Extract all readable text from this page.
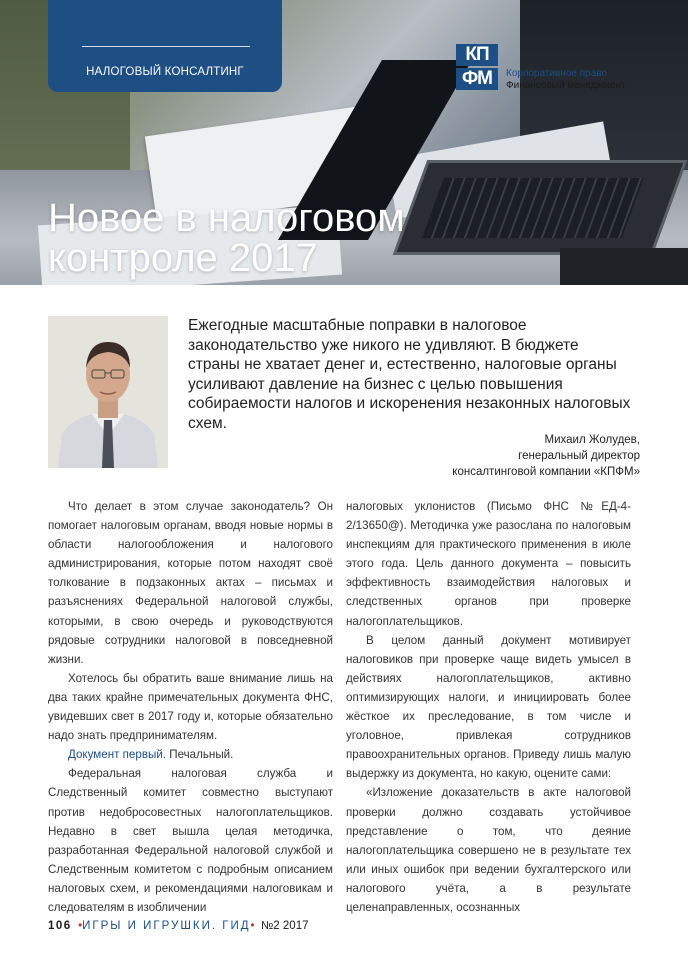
НАЛОГОВЫЙ КОНСАЛТИНГ
КП
ФМ	Корпоративное право
Финансовый менеджмент
Новое в налоговом
контроле 2017
Ежегодные масштабные поправки в налоговое законодательство уже никого не удивляют. В бюджете страны не хватает денег и, естественно, налоговые органы усиливают давление на бизнес с целью повышения собираемости налогов и искоренения незаконных налоговых схем.
Михаил Жолудев,
генеральный директор
консалтинговой компании «КПФМ»

Что делает в этом случае законодатель? Он помогает налоговым органам, вводя новые нормы в области налогообложения и налогового администрирования, которые потом находят своё толкование в подзаконных актах – письмах и разъяснениях Федеральной налоговой службы, которыми, в свою очередь и руководствуются рядовые сотрудники налоговой в повседневной жизни.

Хотелось бы обратить ваше внимание лишь на два таких крайне примечательных документа ФНС, увидевших свет в 2017 году и, которые обязательно надо знать предпринимателям.

Документ первый. Печальный.

Федеральная налоговая служба и Следственный комитет совместно выступают против недобросовестных налогоплательщиков. Недавно в свет вышла целая методичка, разработанная Федеральной налоговой службой и Следственным комитетом с подробным описанием налоговых схем, и рекомендациями налоговикам и следователям в изобличении

налоговых уклонистов (Письмо ФНС №ЕД-4-2/13650@). Методичка уже разослана по налоговым инспекциям для практического применения в июле этого года. Цель данного документа – повысить эффективность взаимодействия налоговых и следственных органов при проверке налогоплательщиков.

В целом данный документ мотивирует налоговиков при проверке чаще видеть умысел в действиях налогоплательщиков, активно оптимизирующих налоги, и инициировать более жёсткое их преследование, в том числе и уголовное, привлекая сотрудников правоохранительных органов. Приведу лишь малую выдержку из документа, но какую, оцените сами:

«Изложение доказательств в акте налоговой проверки должно создавать устойчивое представление о том, что деяние налогоплательщика совершено не в результате тех или иных ошибок при ведении бухгалтерского или налогового учёта, а в результате целенаправленных, осознанных

106  •ИГРЫ И ИГРУШКИ. ГИД•  №2 2017
